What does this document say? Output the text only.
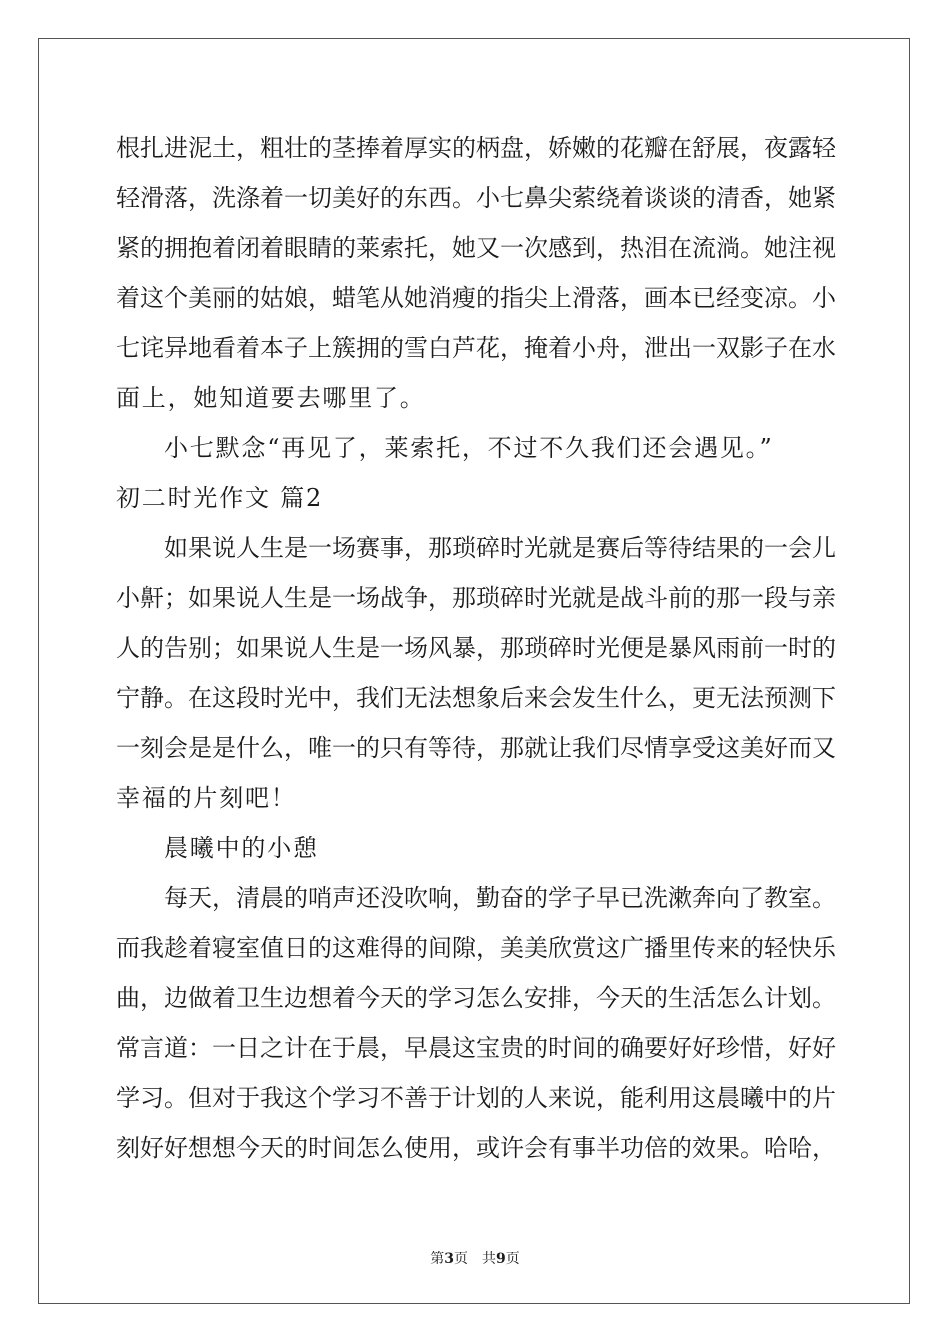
根扎进泥土，粗壮的茎捧着厚实的柄盘，娇嫩的花瓣在舒展，夜露轻
轻滑落，洗涤着一切美好的东西。小七鼻尖萦绕着谈谈的清香，她紧
紧的拥抱着闭着眼睛的莱索托，她又一次感到，热泪在流淌。她注视
着这个美丽的姑娘，蜡笔从她消瘦的指尖上滑落，画本已经变凉。小
七诧异地看着本子上簇拥的雪白芦花，掩着小舟，泄出一双影子在水
面上，她知道要去哪里了。
小七默念“再见了，莱索托，不过不久我们还会遇见。”
初二时光作文 篇2
如果说人生是一场赛事，那琐碎时光就是赛后等待结果的一会儿
小鼾；如果说人生是一场战争，那琐碎时光就是战斗前的那一段与亲
人的告别；如果说人生是一场风暴，那琐碎时光便是暴风雨前一时的
宁静。在这段时光中，我们无法想象后来会发生什么，更无法预测下
一刻会是是什么，唯一的只有等待，那就让我们尽情享受这美好而又
幸福的片刻吧！
晨曦中的小憩
每天，清晨的哨声还没吹响，勤奋的学子早已洗漱奔向了教室。
而我趁着寝室值日的这难得的间隙，美美欣赏这广播里传来的轻快乐
曲，边做着卫生边想着今天的学习怎么安排，今天的生活怎么计划。
常言道：一日之计在于晨，早晨这宝贵的时间的确要好好珍惜，好好
学习。但对于我这个学习不善于计划的人来说，能利用这晨曦中的片
刻好好想想今天的时间怎么使用，或许会有事半功倍的效果。哈哈，
第3页 共9页
